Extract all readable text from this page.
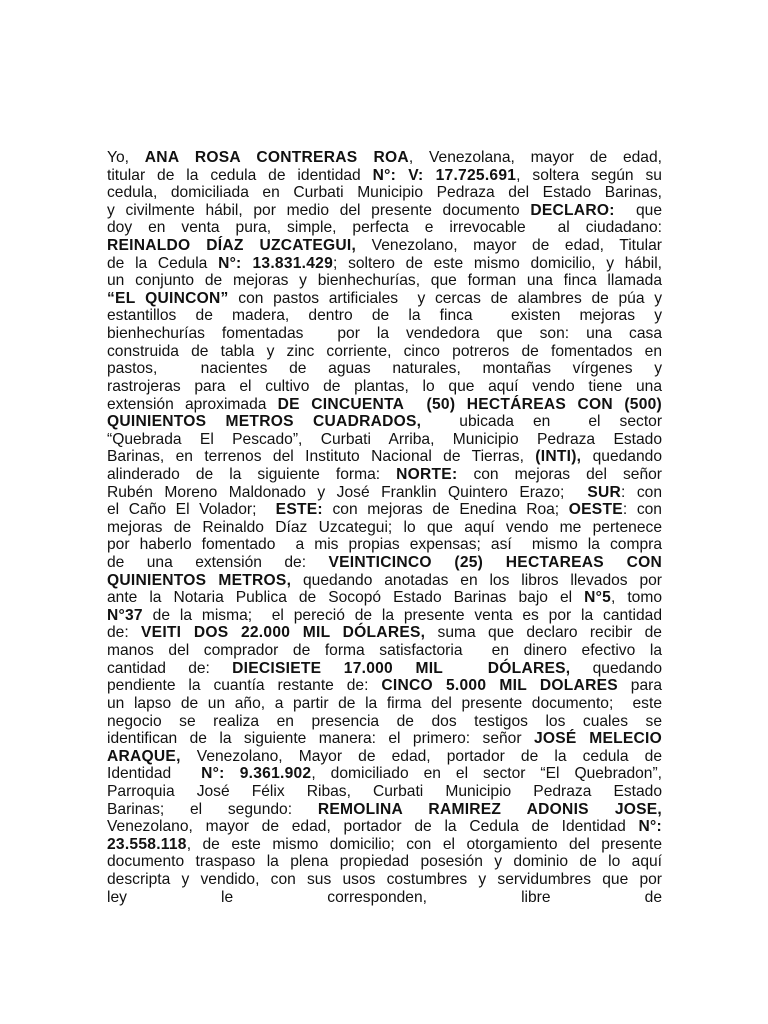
Yo, ANA ROSA CONTRERAS ROA, Venezolana, mayor de edad,
titular de la cedula de identidad N°: V: 17.725.691, soltera según su
cedula, domiciliada en Curbati Municipio Pedraza del Estado Barinas,
y civilmente hábil, por medio del presente documento DECLARO:  que
doy en venta pura, simple, perfecta e irrevocable  al ciudadano:
REINALDO DÍAZ UZCATEGUI, Venezolano, mayor de edad, Titular
de la Cedula N°: 13.831.429; soltero de este mismo domicilio, y hábil,
un conjunto de mejoras y bienhechurías, que forman una finca llamada
“EL QUINCON” con pastos artificiales  y cercas de alambres de púa y
estantillos de madera, dentro de la finca  existen mejoras y
bienhechurías fomentadas  por la vendedora que son: una casa
construida de tabla y zinc corriente, cinco potreros de fomentados en
pastos,  nacientes de aguas naturales, montañas vírgenes y
rastrojeras para el cultivo de plantas, lo que aquí vendo tiene una
extensión aproximada DE CINCUENTA  (50) HECTÁREAS CON (500)
QUINIENTOS METROS CUADRADOS,  ubicada en  el sector
“Quebrada El Pescado”, Curbati Arriba, Municipio Pedraza Estado
Barinas, en terrenos del Instituto Nacional de Tierras, (INTI), quedando
alinderado de la siguiente forma: NORTE: con mejoras del señor
Rubén Moreno Maldonado y José Franklin Quintero Erazo;  SUR: con
el Caño El Volador;  ESTE: con mejoras de Enedina Roa; OESTE: con
mejoras de Reinaldo Díaz Uzcategui; lo que aquí vendo me pertenece
por haberlo fomentado  a mis propias expensas; así  mismo la compra
de una extensión de: VEINTICINCO (25) HECTAREAS CON
QUINIENTOS METROS, quedando anotadas en los libros llevados por
ante la Notaria Publica de Socopó Estado Barinas bajo el N°5, tomo
N°37 de la misma;  el pereció de la presente venta es por la cantidad
de: VEITI DOS 22.000 MIL DÓLARES, suma que declaro recibir de
manos del comprador de forma satisfactoria  en dinero efectivo la
cantidad de: DIECISIETE 17.000 MIL  DÓLARES, quedando
pendiente la cuantía restante de: CINCO 5.000 MIL DOLARES para
un lapso de un año, a partir de la firma del presente documento;  este
negocio se realiza en presencia de dos testigos los cuales se
identifican de la siguiente manera: el primero: señor JOSÉ MELECIO
ARAQUE, Venezolano, Mayor de edad, portador de la cedula de
Identidad  N°: 9.361.902, domiciliado en el sector “El Quebradon”,
Parroquia José Félix Ribas, Curbati Municipio Pedraza Estado
Barinas; el segundo: REMOLINA RAMIREZ ADONIS JOSE,
Venezolano, mayor de edad, portador de la Cedula de Identidad N°:
23.558.118, de este mismo domicilio; con el otorgamiento del presente
documento traspaso la plena propiedad posesión y dominio de lo aquí
descripta y vendido, con sus usos costumbres y servidumbres que por
ley le corresponden, libre de
